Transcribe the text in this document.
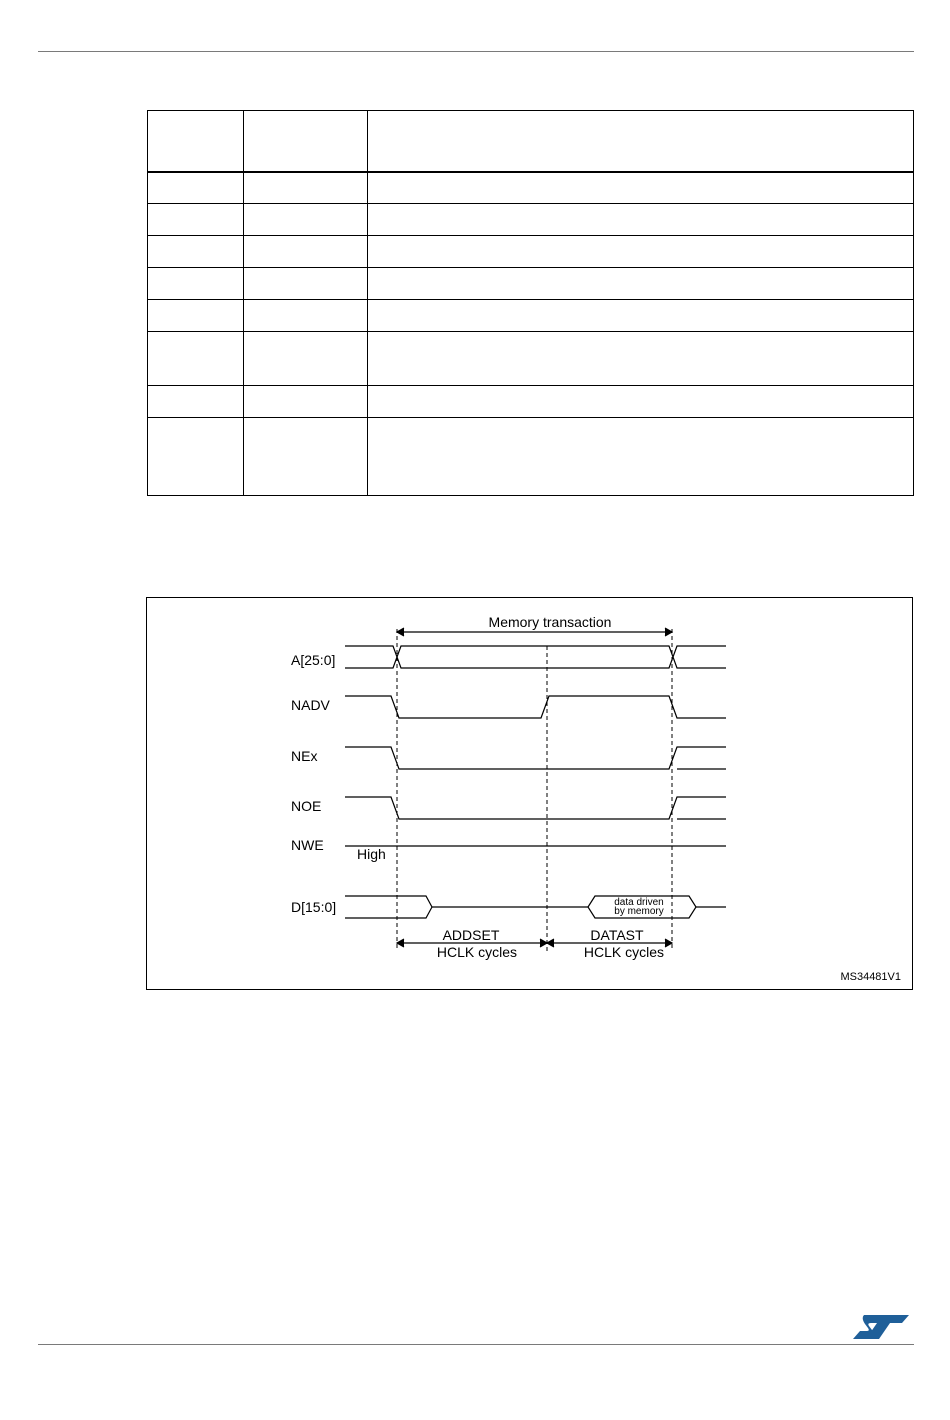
Memory transaction
A[25:0]
NADV
NEx
NOE
NWE
High
D[15:0]	data driven
by memory
ADDSET
HCLK cycles
DATAST
HCLK cycles
MS34481V1
